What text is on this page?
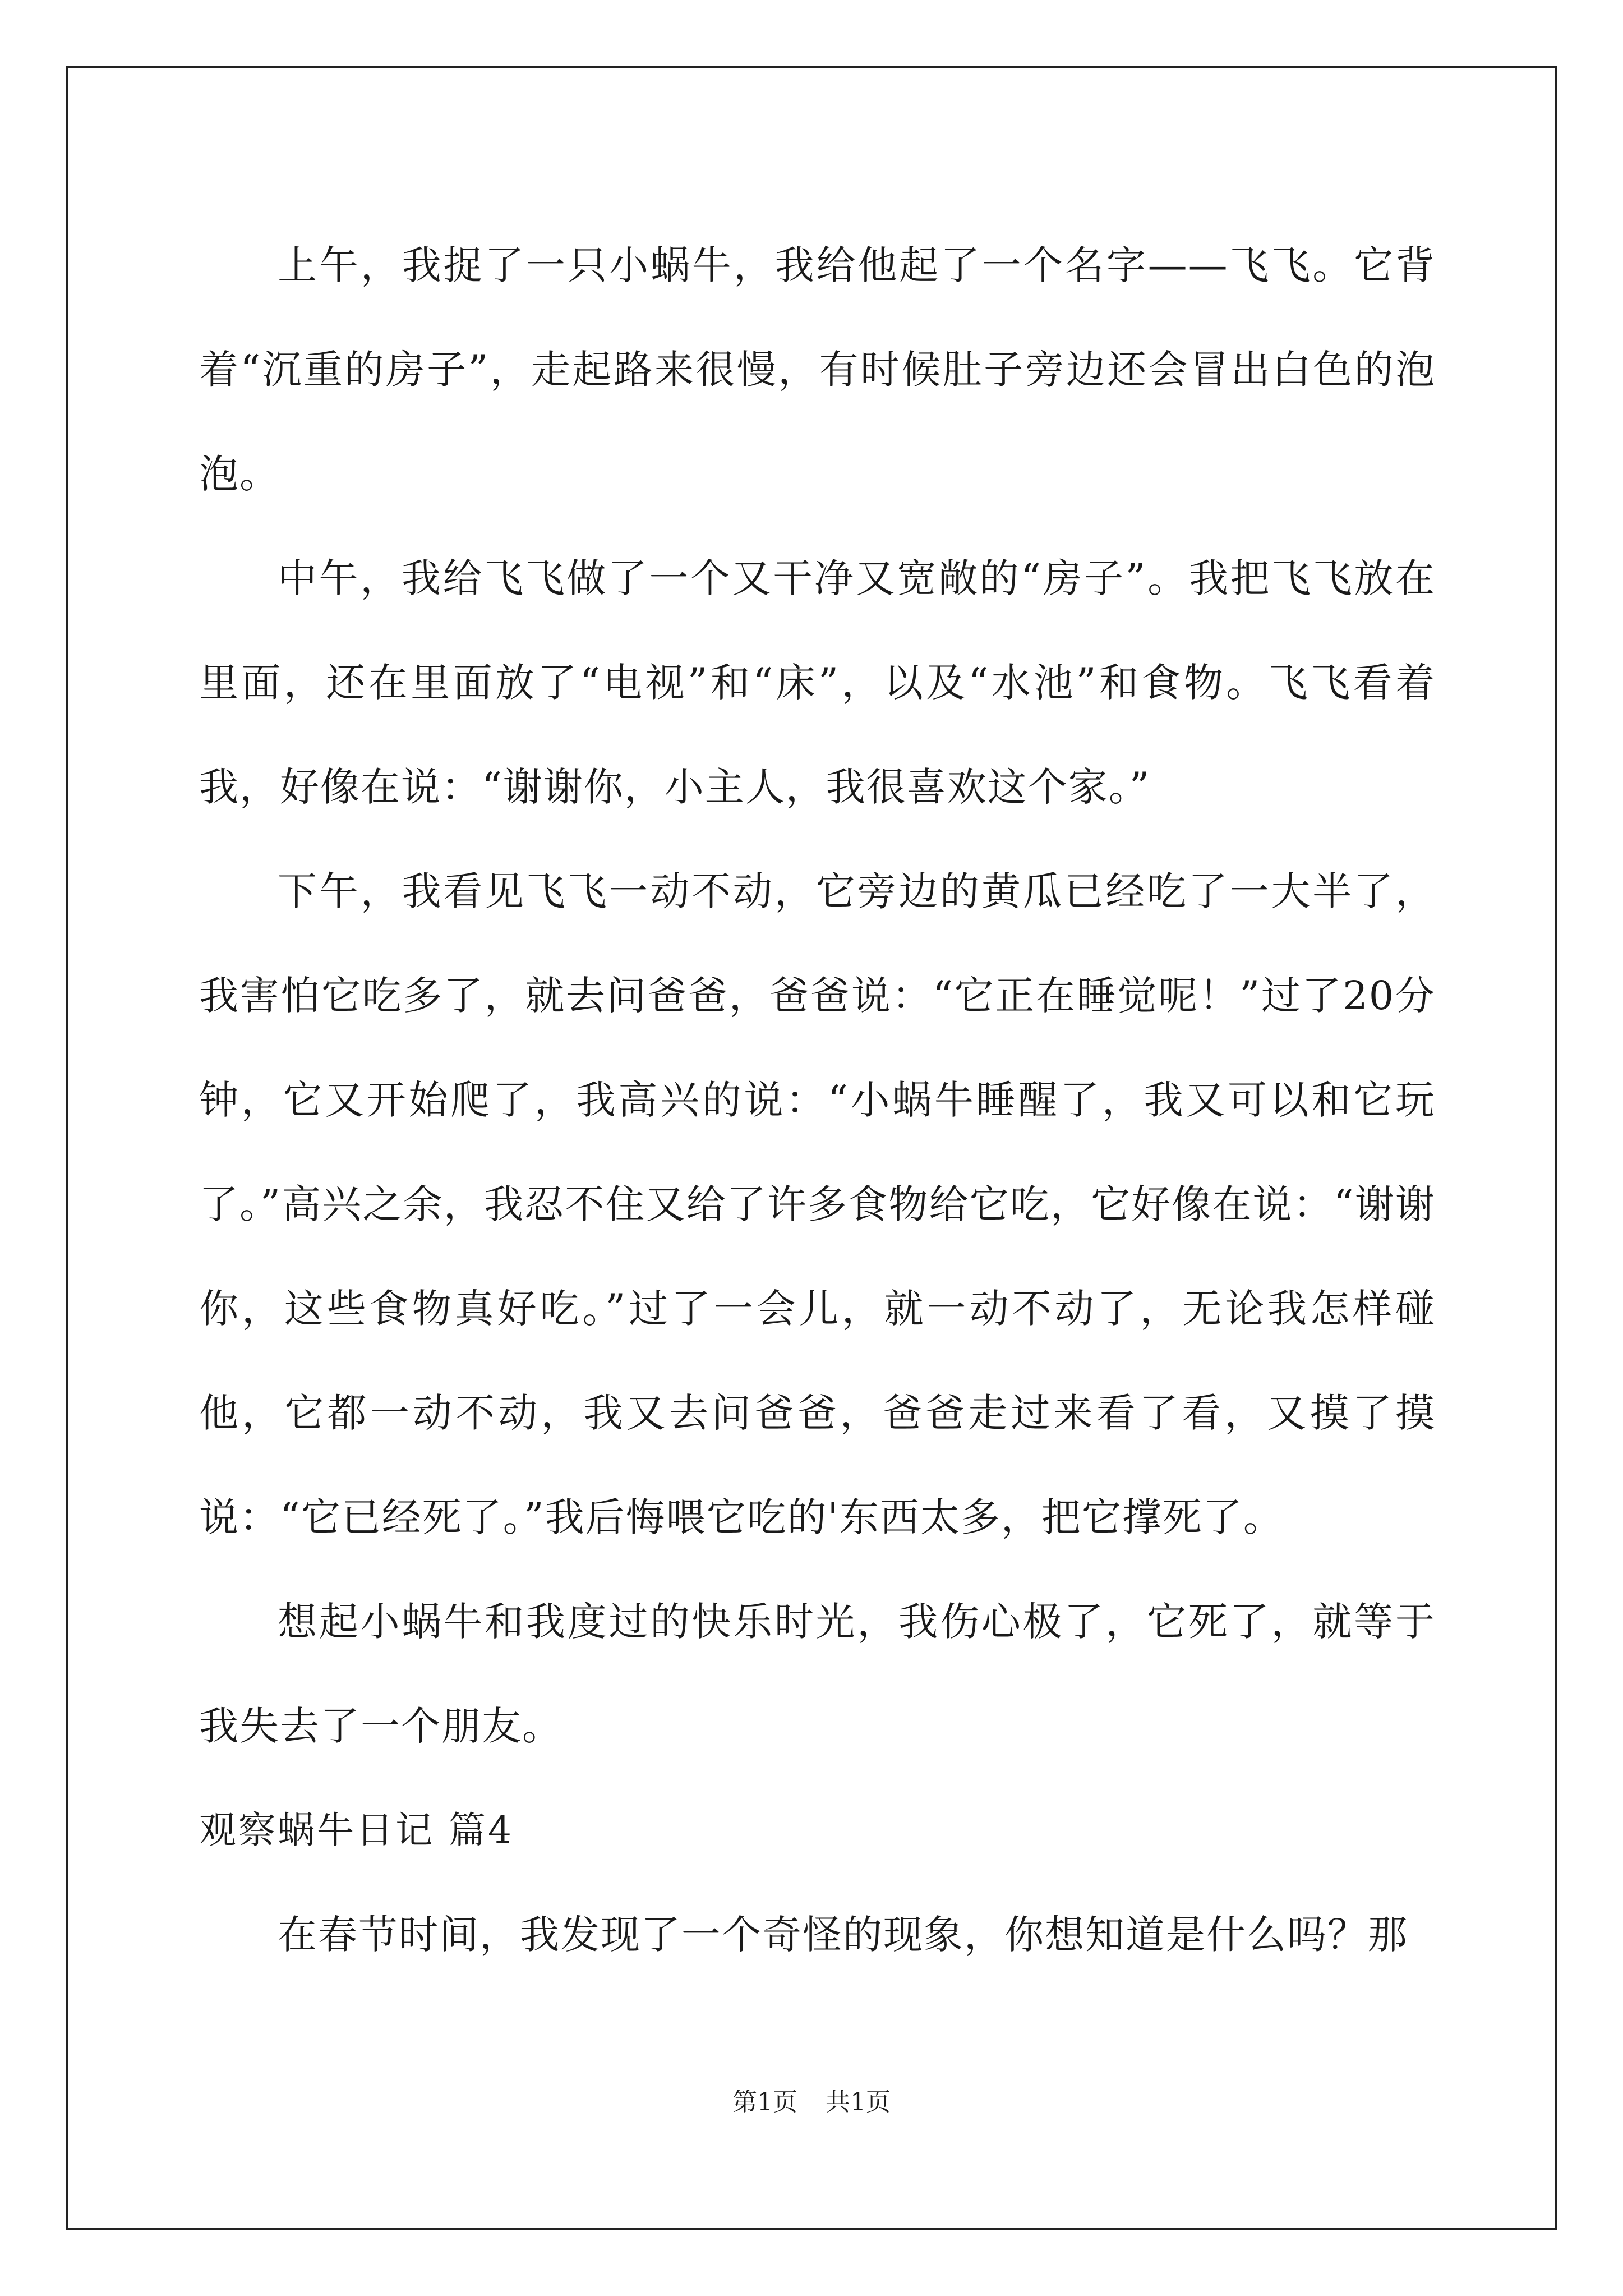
上午，我捉了一只小蜗牛，我给他起了一个名字——飞飞。它背着“沉重的房子”，走起路来很慢，有时候肚子旁边还会冒出白色的泡泡。

中午，我给飞飞做了一个又干净又宽敞的“房子”。我把飞飞放在里面，还在里面放了“电视”和“床”，以及“水池”和食物。飞飞看着我，好像在说：“谢谢你，小主人，我很喜欢这个家。”

下午，我看见飞飞一动不动，它旁边的黄瓜已经吃了一大半了，我害怕它吃多了，就去问爸爸，爸爸说：“它正在睡觉呢！”过了20分钟，它又开始爬了，我高兴的说：“小蜗牛睡醒了，我又可以和它玩了。”高兴之余，我忍不住又给了许多食物给它吃，它好像在说：“谢谢你，这些食物真好吃。”过了一会儿，就一动不动了，无论我怎样碰他，它都一动不动，我又去问爸爸，爸爸走过来看了看，又摸了摸说：“它已经死了。”我后悔喂它吃的'东西太多，把它撑死了。

想起小蜗牛和我度过的快乐时光，我伤心极了，它死了，就等于我失去了一个朋友。

观察蜗牛日记 篇4

在春节时间，我发现了一个奇怪的现象，你想知道是什么吗？那

第1页 共1页
